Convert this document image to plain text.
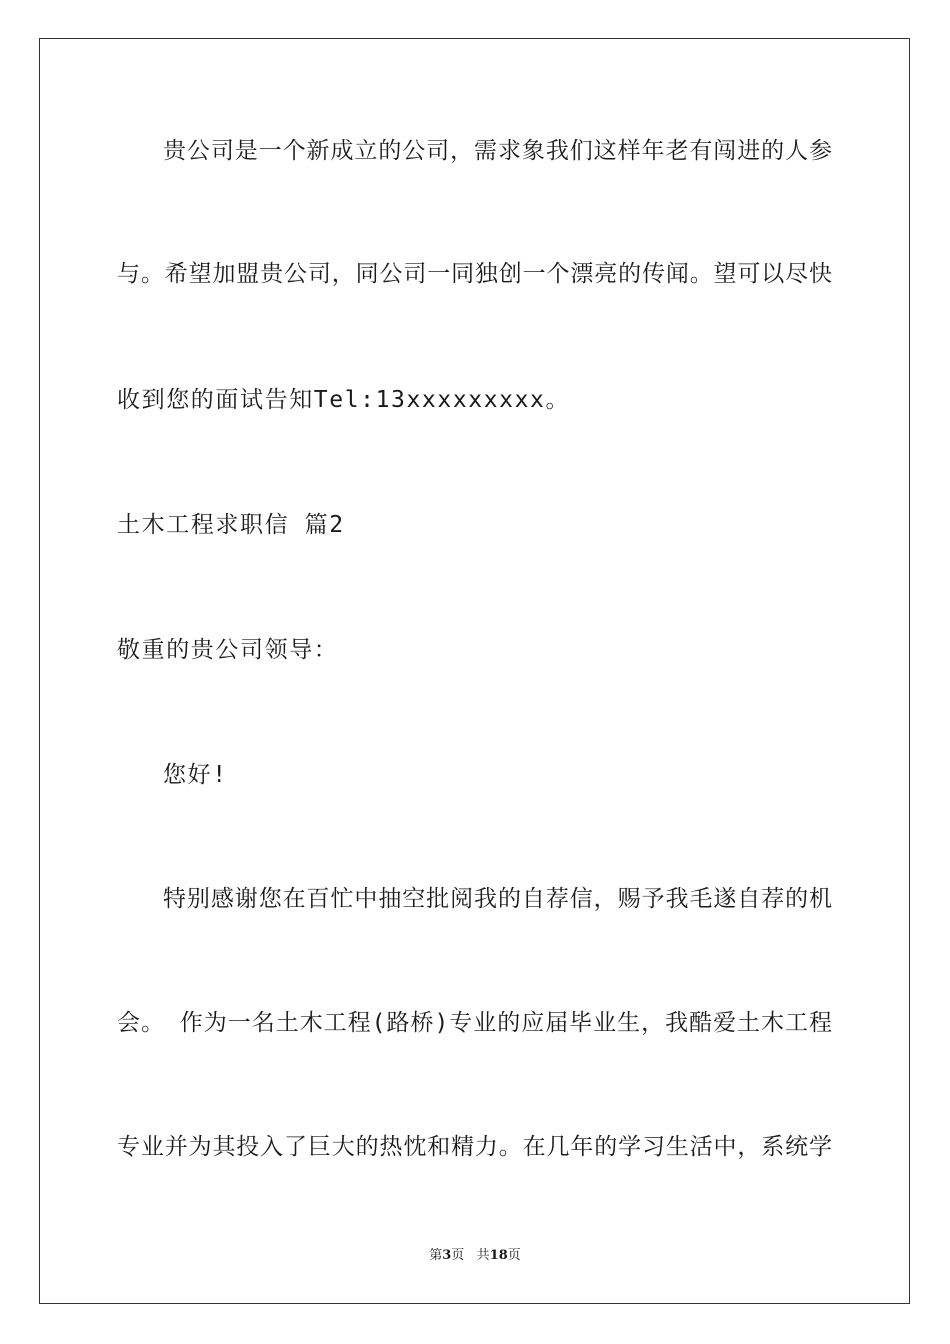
贵公司是一个新成立的公司，需求象我们这样年老有闯进的人参
与。希望加盟贵公司，同公司一同独创一个漂亮的传闻。望可以尽快
收到您的面试告知Tel:13xxxxxxxxx。
土木工程求职信 篇2
敬重的贵公司领导：
您好!
特别感谢您在百忙中抽空批阅我的自荐信，赐予我毛遂自荐的机
会。 作为一名土木工程(路桥)专业的应届毕业生，我酷爱土木工程
专业并为其投入了巨大的热忱和精力。在几年的学习生活中，系统学
第3页 共18页
